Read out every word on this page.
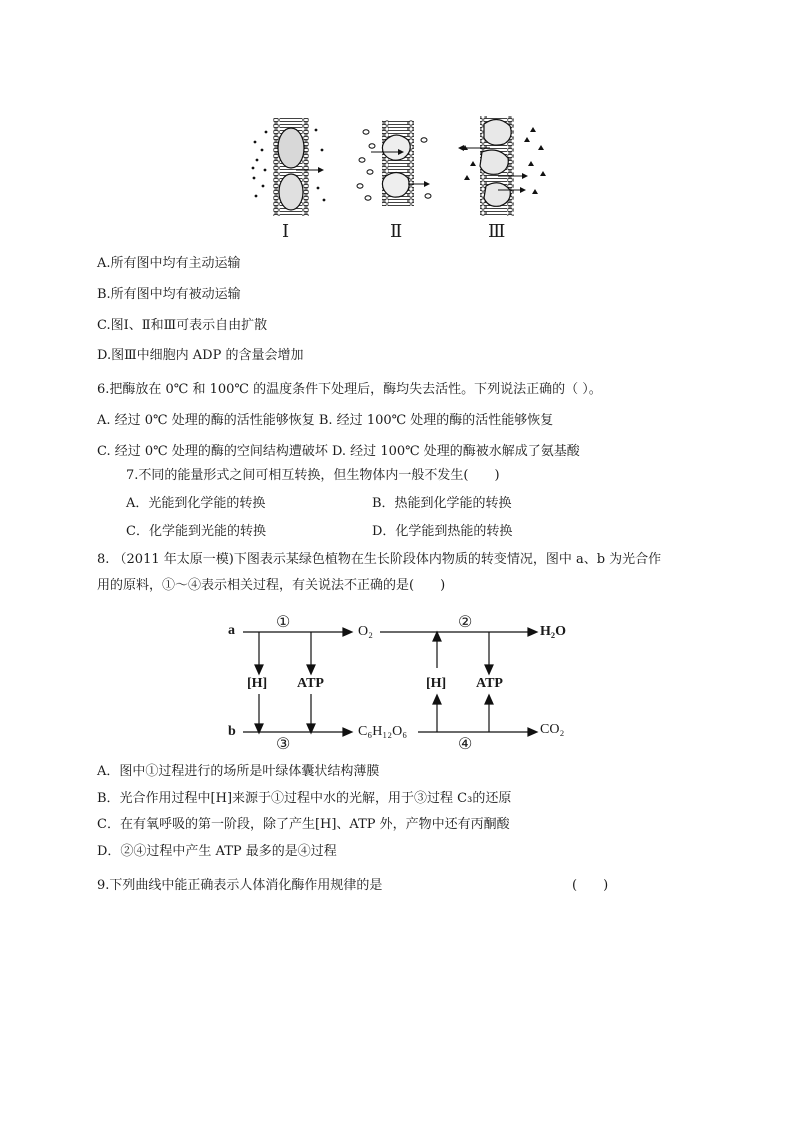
Ⅰ	Ⅱ	Ⅲ
A.所有图中均有主动运输
B.所有图中均有被动运输
C.图Ⅰ、Ⅱ和Ⅲ可表示自由扩散
D.图Ⅲ中细胞内 ADP 的含量会增加
6.把酶放在 0℃ 和 100℃ 的温度条件下处理后，酶均失去活性。下列说法正确的（ ）。
A. 经过 0℃ 处理的酶的活性能够恢复 B. 经过 100℃ 处理的酶的活性能够恢复
C. 经过 0℃ 处理的酶的空间结构遭破坏 D. 经过 100℃ 处理的酶被水解成了氨基酸
7.不同的能量形式之间可相互转换，但生物体内一般不发生(　　)
A．光能到化学能的转换	B．热能到化学能的转换
C．化学能到光能的转换	D．化学能到热能的转换
8. （2011 年太原一模)下图表示某绿色植物在生长阶段体内物质的转变情况，图中 a、b 为光合作
用的原料，①～④表示相关过程，有关说法不正确的是(　　)
a	①
O₂
②
H₂O
[H] ATP	[H] ATP
b	C₆H₁₂O₆	CO₂
③	④
A．图中①过程进行的场所是叶绿体囊状结构薄膜
B．光合作用过程中[H]来源于①过程中水的光解，用于③过程 C₃的还原
C．在有氧呼吸的第一阶段，除了产生[H]、ATP 外，产物中还有丙酮酸
D．②④过程中产生 ATP 最多的是④过程
9.下列曲线中能正确表示人体消化酶作用规律的是	(　　)
